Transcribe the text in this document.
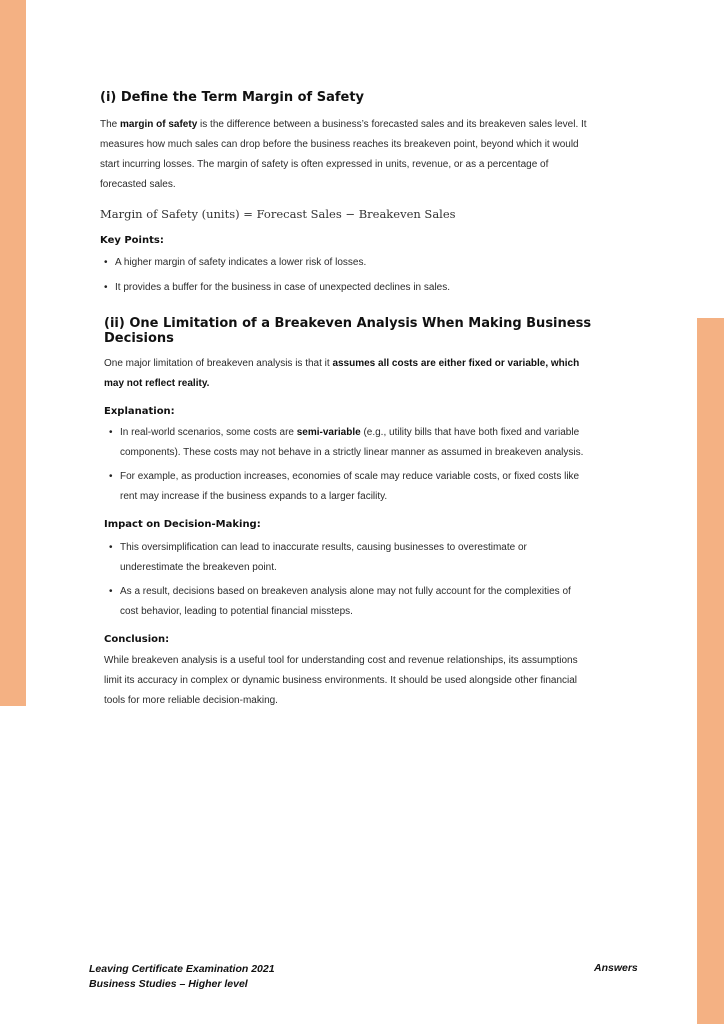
(i) Define the Term Margin of Safety

The margin of safety is the difference between a business’s forecasted sales and its breakeven sales level. It
measures how much sales can drop before the business reaches its breakeven point, beyond which it would
start incurring losses. The margin of safety is often expressed in units, revenue, or as a percentage of
forecasted sales.

Margin of Safety (units) = Forecast Sales − Breakeven Sales
Key Points:
• A higher margin of safety indicates a lower risk of losses.
• It provides a buffer for the business in case of unexpected declines in sales.
(ii) One Limitation of a Breakeven Analysis When Making Business Decisions

One major limitation of breakeven analysis is that it assumes all costs are either fixed or variable, which
may not reflect reality.

Explanation:
• In real-world scenarios, some costs are semi-variable (e.g., utility bills that have both fixed and variable
components). These costs may not behave in a strictly linear manner as assumed in breakeven analysis.
• For example, as production increases, economies of scale may reduce variable costs, or fixed costs like
rent may increase if the business expands to a larger facility.
Impact on Decision-Making:
• This oversimplification can lead to inaccurate results, causing businesses to overestimate or
underestimate the breakeven point.
• As a result, decisions based on breakeven analysis alone may not fully account for the complexities of
cost behavior, leading to potential financial missteps.
Conclusion:

While breakeven analysis is a useful tool for understanding cost and revenue relationships, its assumptions
limit its accuracy in complex or dynamic business environments. It should be used alongside other financial
tools for more reliable decision-making.

Leaving Certificate Examination 2021
Business Studies – Higher level
Answers
